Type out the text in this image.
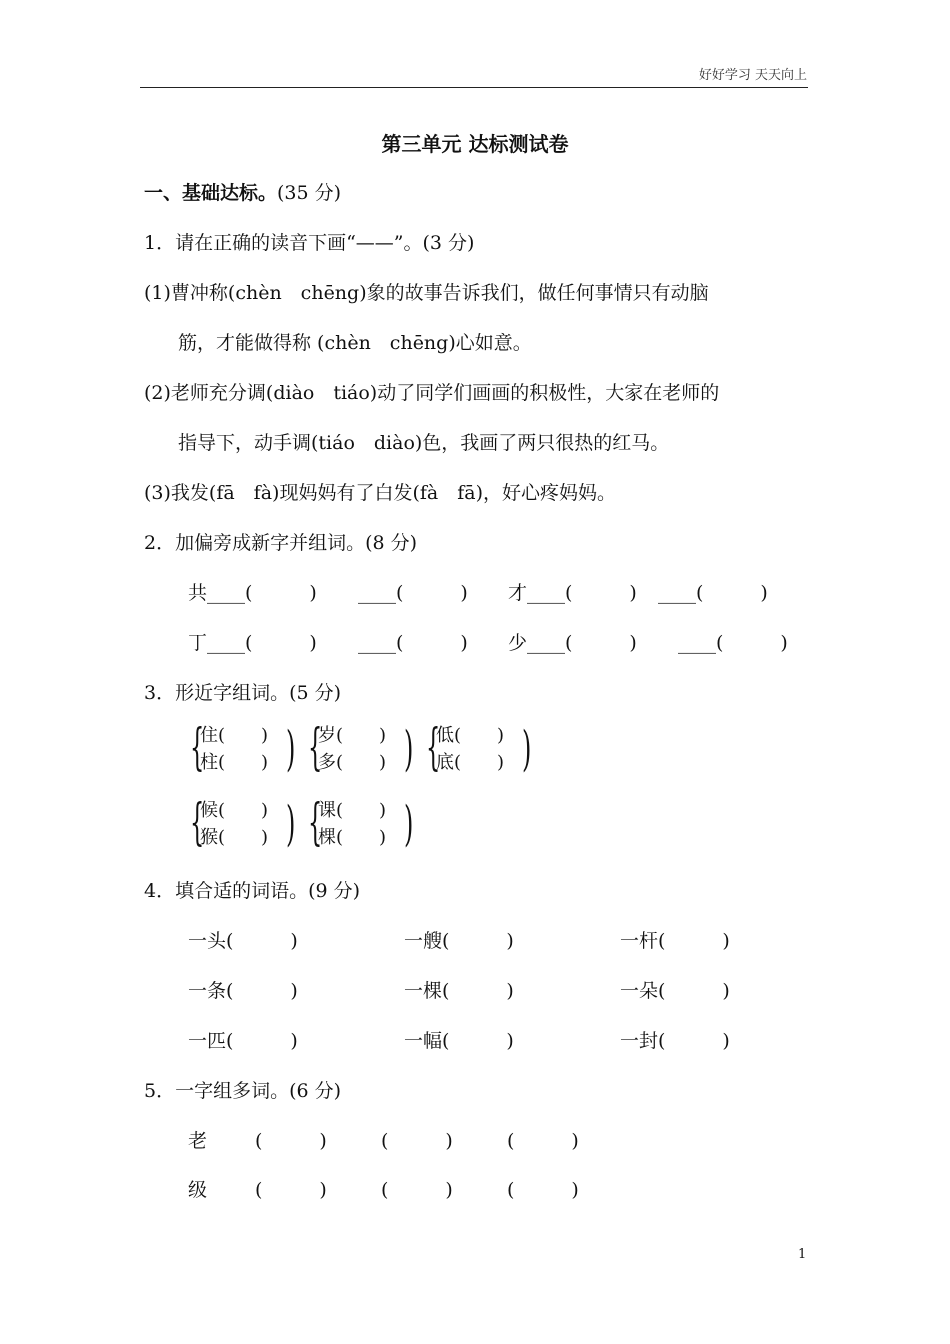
好好学习 天天向上
第三单元 达标测试卷
一、基础达标。(35 分)
1．请在正确的读音下画“——”。(3 分)
(1)曹冲称(chèn　chēng)象的故事告诉我们，做任何事情只有动脑
筋，才能做得称 (chèn　chēng)心如意。
(2)老师充分调(diào　tiáo)动了同学们画画的积极性，大家在老师的
指导下，动手调(tiáo　diào)色，我画了两只很热的红马。
(3)我发(fā　fà)现妈妈有了白发(fà　fā)，好心疼妈妈。
2．加偏旁成新字并组词。(8 分)
共____(　　　) ____(　　　) 才____(　　　) ____(　　　)
丁____(　　　) ____(　　　) 少____(　　　) ____(　　　)
3．形近字组词。(5 分)
{
住(　　)
柱(　　) ) {
岁(　　)
多(　　) ) {
低(　　)
底(　　) )
{
候(　　)
猴(　　) ) {
课(　　)
棵(　　) )
4．填合适的词语。(9 分)
一头(　　　)	一艘(　　　)	一杆(　　　)
一条(　　　)	一棵(　　　)	一朵(　　　)
一匹(　　　)	一幅(　　　)	一封(　　　)
5．一字组多词。(6 分)
老	(　　　)	(　　　)	(　　　)
级	(　　　)	(　　　)	(　　　)
1
